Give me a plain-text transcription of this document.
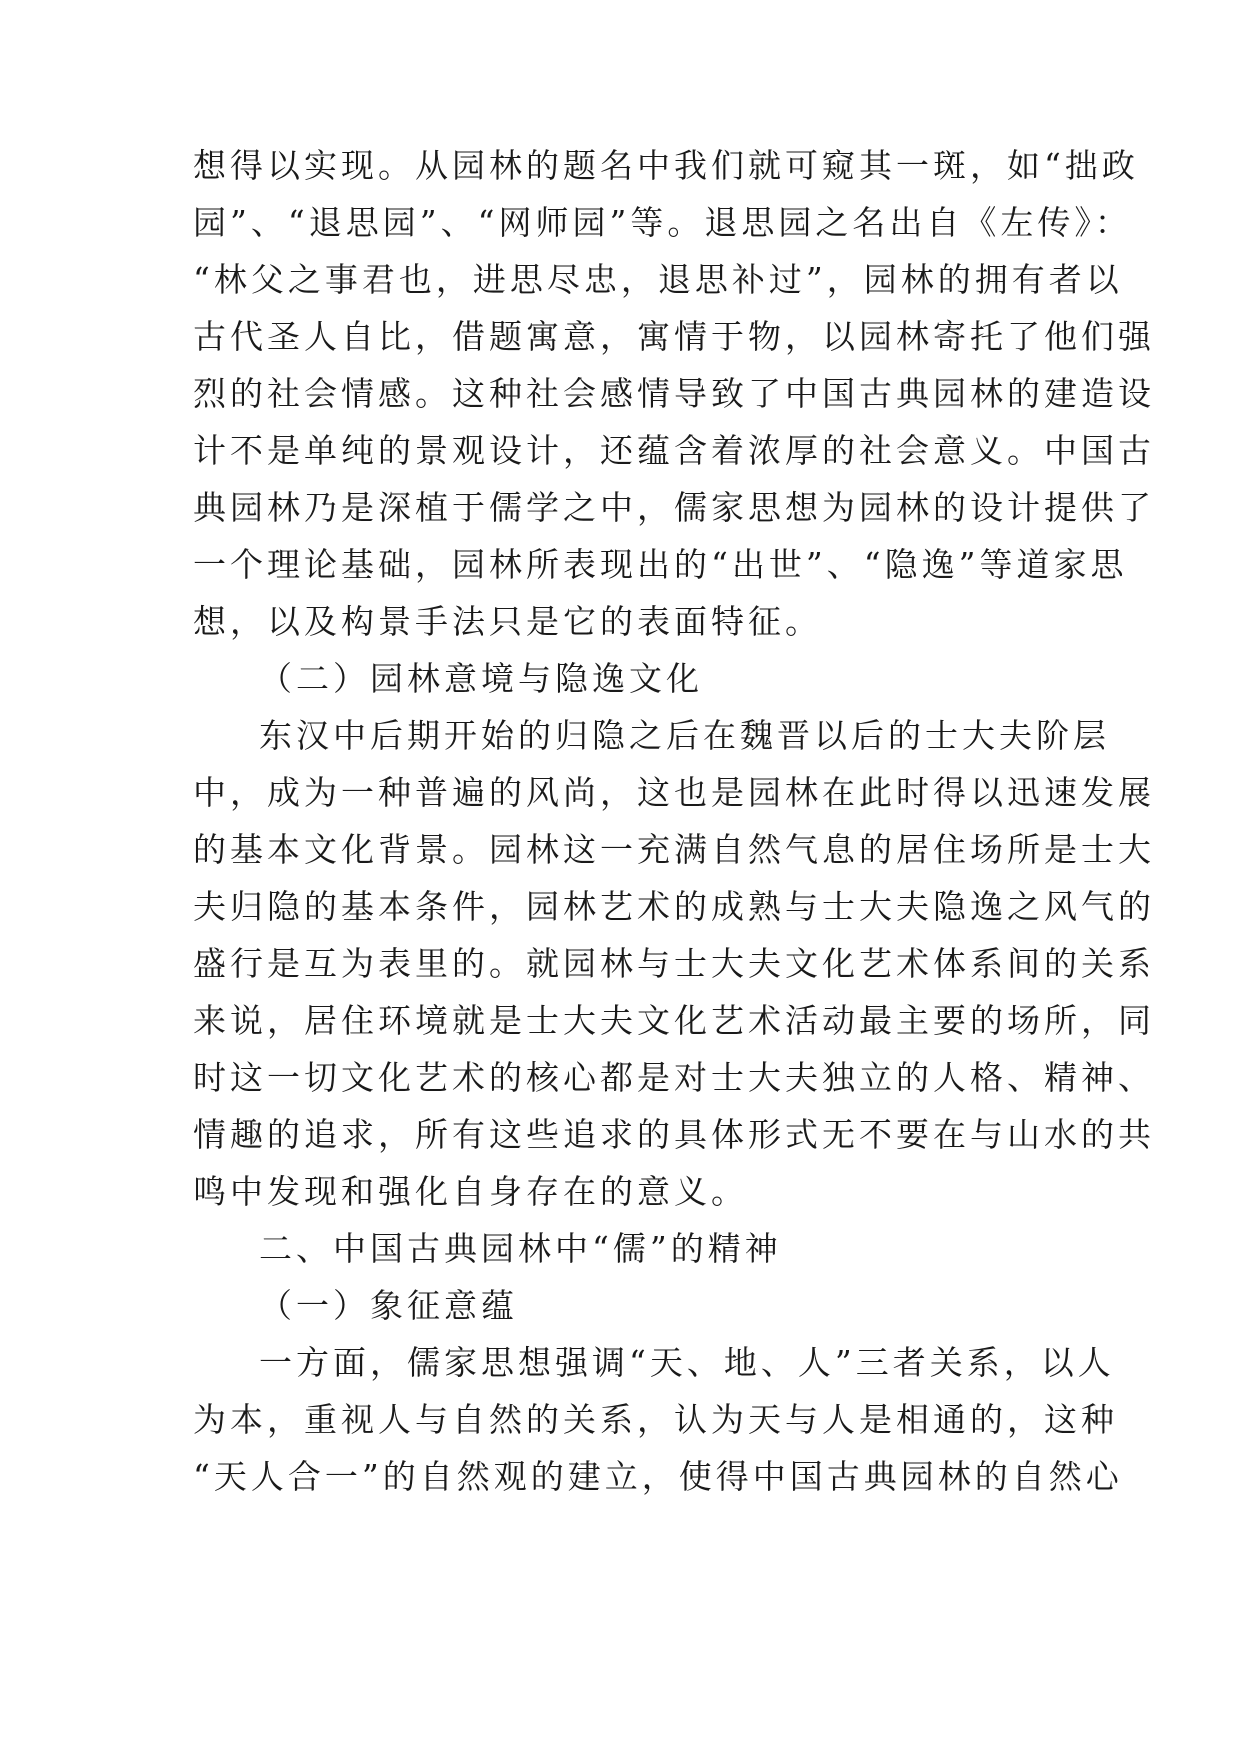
想得以实现。从园林的题名中我们就可窥其一斑，如“拙政
园”、“退思园”、“网师园”等。退思园之名出自《左传》：
“林父之事君也，进思尽忠，退思补过”，园林的拥有者以
古代圣人自比，借题寓意，寓情于物，以园林寄托了他们强
烈的社会情感。这种社会感情导致了中国古典园林的建造设
计不是单纯的景观设计，还蕴含着浓厚的社会意义。中国古
典园林乃是深植于儒学之中，儒家思想为园林的设计提供了
一个理论基础，园林所表现出的“出世”、“隐逸”等道家思
想，以及构景手法只是它的表面特征。
（二）园林意境与隐逸文化
东汉中后期开始的归隐之后在魏晋以后的士大夫阶层
中，成为一种普遍的风尚，这也是园林在此时得以迅速发展
的基本文化背景。园林这一充满自然气息的居住场所是士大
夫归隐的基本条件，园林艺术的成熟与士大夫隐逸之风气的
盛行是互为表里的。就园林与士大夫文化艺术体系间的关系
来说，居住环境就是士大夫文化艺术活动最主要的场所，同
时这一切文化艺术的核心都是对士大夫独立的人格、精神、
情趣的追求，所有这些追求的具体形式无不要在与山水的共
鸣中发现和强化自身存在的意义。
二、中国古典园林中“儒”的精神
（一）象征意蕴
一方面，儒家思想强调“天、地、人”三者关系，以人
为本，重视人与自然的关系，认为天与人是相通的，这种
“天人合一”的自然观的建立，使得中国古典园林的自然心
